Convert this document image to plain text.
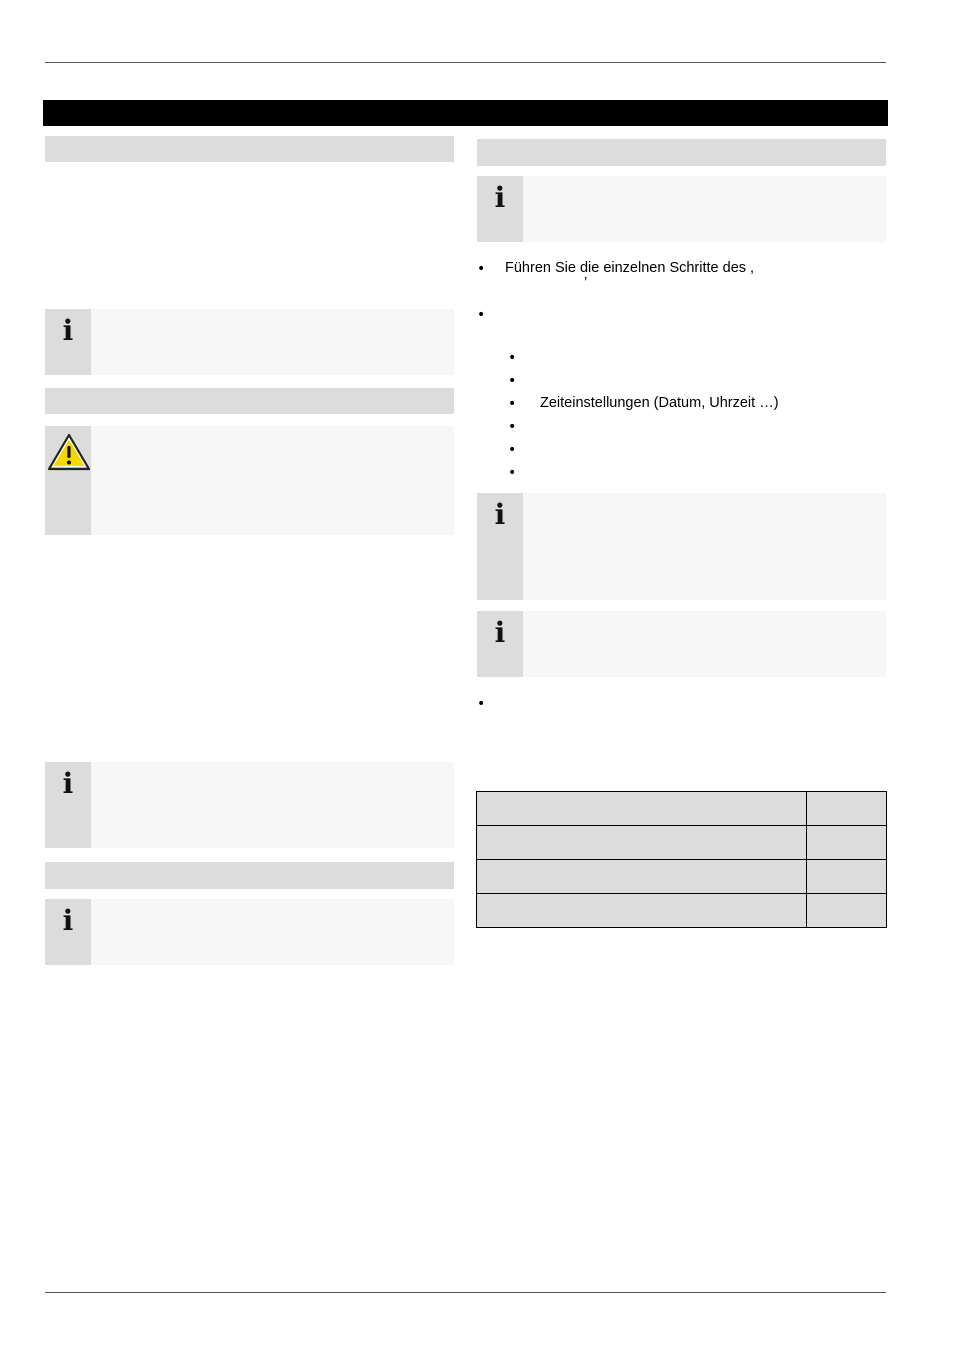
i
i
i
i
• Führen Sie die einzelnen Schritte des ,
’
•
•
•
• Zeiteinstellungen (Datum, Uhrzeit …)
•
•
•
i
i
•
